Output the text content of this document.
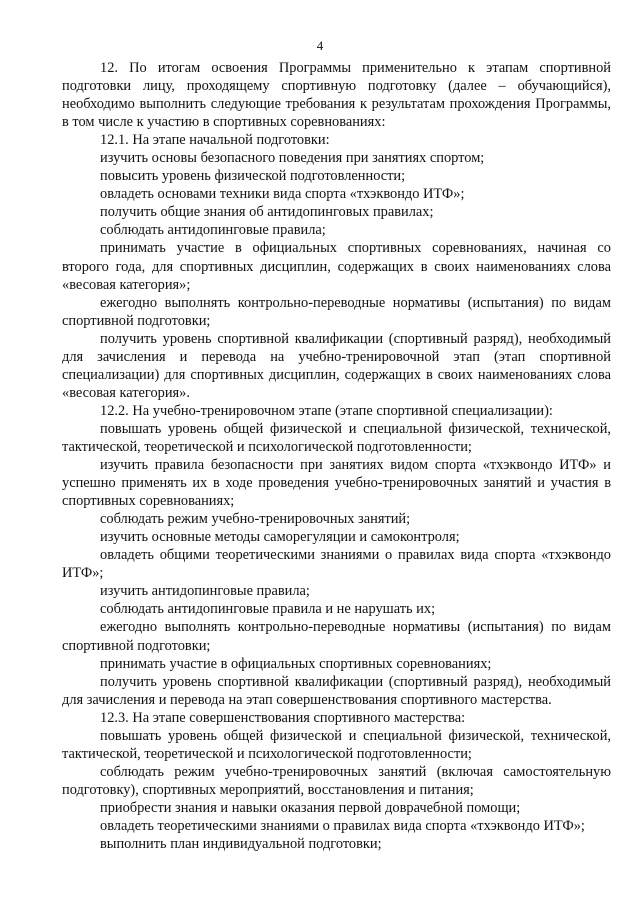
4

12. По итогам освоения Программы применительно к этапам спортивной подготовки лицу, проходящему спортивную подготовку (далее – обучающийся), необходимо выполнить следующие требования к результатам прохождения Программы, в том числе к участию в спортивных соревнованиях:

12.1. На этапе начальной подготовки:

изучить основы безопасного поведения при занятиях спортом;

повысить уровень физической подготовленности;

овладеть основами техники вида спорта «тхэквондо ИТФ»;

получить общие знания об антидопинговых правилах;

соблюдать антидопинговые правила;

принимать участие в официальных спортивных соревнованиях, начиная со второго года, для спортивных дисциплин, содержащих в своих наименованиях слова «весовая категория»;

ежегодно выполнять контрольно-переводные нормативы (испытания) по видам спортивной подготовки;

получить уровень спортивной квалификации (спортивный разряд), необходимый для зачисления и перевода на учебно-тренировочной этап (этап спортивной специализации) для спортивных дисциплин, содержащих в своих наименованиях слова «весовая категория».

12.2. На учебно-тренировочном этапе (этапе спортивной специализации):

повышать уровень общей физической и специальной физической, технической, тактической, теоретической и психологической подготовленности;

изучить правила безопасности при занятиях видом спорта «тхэквондо ИТФ» и успешно применять их в ходе проведения учебно-тренировочных занятий и участия в спортивных соревнованиях;

соблюдать режим учебно-тренировочных занятий;

изучить основные методы саморегуляции и самоконтроля;

овладеть общими теоретическими знаниями о правилах вида спорта «тхэквондо ИТФ»;

изучить антидопинговые правила;

соблюдать антидопинговые правила и не нарушать их;

ежегодно выполнять контрольно-переводные нормативы (испытания) по видам спортивной подготовки;

принимать участие в официальных спортивных соревнованиях;

получить уровень спортивной квалификации (спортивный разряд), необходимый для зачисления и перевода на этап совершенствования спортивного мастерства.

12.3. На этапе совершенствования спортивного мастерства:

повышать уровень общей физической и специальной физической, технической, тактической, теоретической и психологической подготовленности;

соблюдать режим учебно-тренировочных занятий (включая самостоятельную подготовку), спортивных мероприятий, восстановления и питания;

приобрести знания и навыки оказания первой доврачебной помощи;

овладеть теоретическими знаниями о правилах вида спорта «тхэквондо ИТФ»;

выполнить план индивидуальной подготовки;
